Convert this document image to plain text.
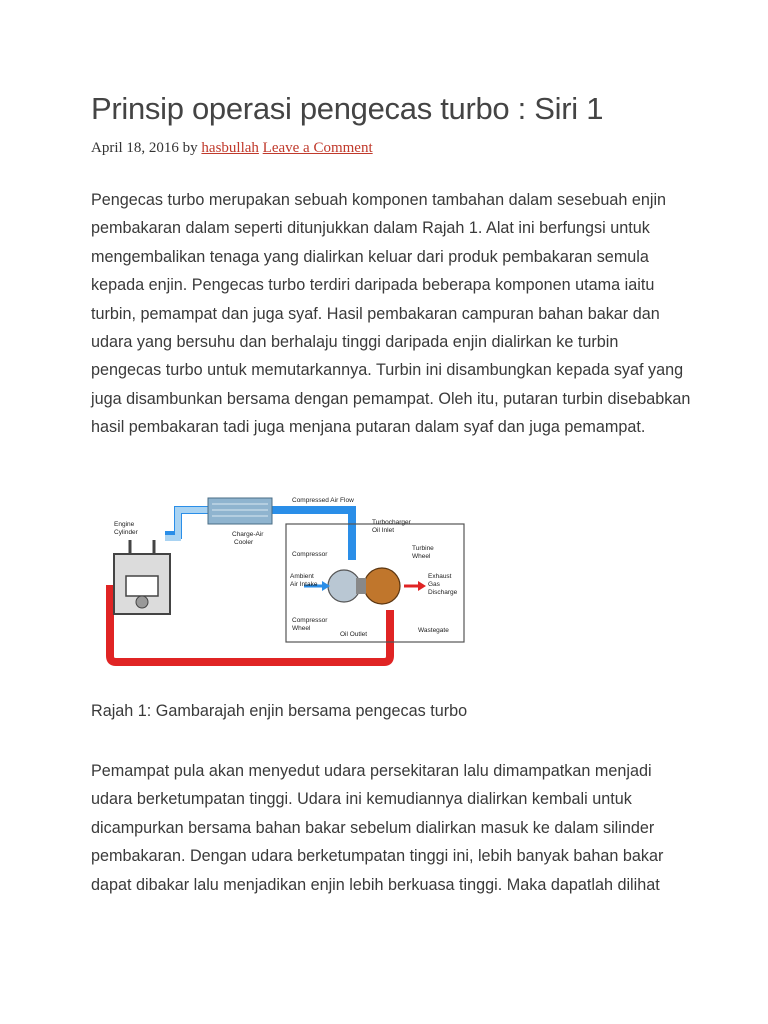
Prinsip operasi pengecas turbo : Siri 1
April 18, 2016 by hasbullah Leave a Comment

Pengecas turbo merupakan sebuah komponen tambahan dalam sesebuah enjin pembakaran dalam seperti ditunjukkan dalam Rajah 1. Alat ini berfungsi untuk mengembalikan tenaga yang dialirkan keluar dari produk pembakaran semula kepada enjin. Pengecas turbo terdiri daripada beberapa komponen utama iaitu turbin, pemampat dan juga syaf. Hasil pembakaran campuran bahan bakar dan udara yang bersuhu dan berhalaju tinggi daripada enjin dialirkan ke turbin pengecas turbo untuk memutarkannya. Turbin ini disambungkan kepada syaf yang juga disambunkan bersama dengan pemampat. Oleh itu, putaran turbin disebabkan hasil pembakaran tadi juga menjana putaran dalam syaf dan juga pemampat.

Engine
Cylinder
Compressed Air Flow
Charge-Air
Cooler
Turbocharger
Oil Inlet
Compressor
Turbine
Wheel
Ambient
Air Intake
Exhaust
Gas
Discharge
Compressor
Wheel
Oil Outlet
Wastegate
Rajah 1: Gambarajah enjin bersama pengecas turbo

Pemampat pula akan menyedut udara persekitaran lalu dimampatkan menjadi udara berketumpatan tinggi. Udara ini kemudiannya dialirkan kembali untuk dicampurkan bersama bahan bakar sebelum dialirkan masuk ke dalam silinder pembakaran. Dengan udara berketumpatan tinggi ini, lebih banyak bahan bakar dapat dibakar lalu menjadikan enjin lebih berkuasa tinggi. Maka dapatlah dilihat
